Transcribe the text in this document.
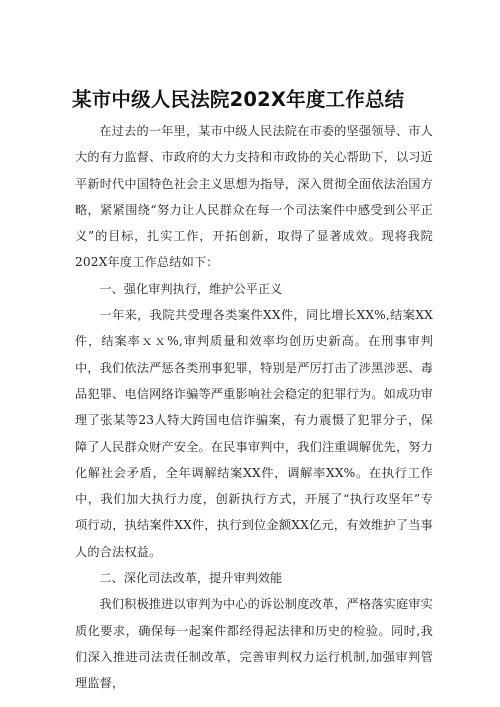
某市中级人民法院202X年度工作总结

在过去的一年里，某市中级人民法院在市委的坚强领导、市人大的有力监督、市政府的大力支持和市政协的关心帮助下，以习近平新时代中国特色社会主义思想为指导，深入贯彻全面依法治国方略，紧紧围绕“努力让人民群众在每一个司法案件中感受到公平正义”的目标，扎实工作，开拓创新，取得了显著成效。现将我院202X年度工作总结如下：

一、强化审判执行，维护公平正义

一年来，我院共受理各类案件XX件，同比增长XX%,结案XX件，结案率ｘｘ%,审判质量和效率均创历史新高。在刑事审判中，我们依法严惩各类刑事犯罪，特别是严厉打击了涉黑涉恶、毒品犯罪、电信网络诈骗等严重影响社会稳定的犯罪行为。如成功审理了张某等23人特大跨国电信诈骗案，有力震慑了犯罪分子，保障了人民群众财产安全。在民事审判中，我们注重调解优先，努力化解社会矛盾，全年调解结案XX件，调解率XX%。在执行工作中，我们加大执行力度，创新执行方式，开展了“执行攻坚年”专项行动，执结案件XX件，执行到位金额XX亿元，有效维护了当事人的合法权益。

二、深化司法改革，提升审判效能

我们积极推进以审判为中心的诉讼制度改革，严格落实庭审实质化要求，确保每一起案件都经得起法律和历史的检验。同时,我们深入推进司法责任制改革，完善审判权力运行机制,加强审判管理监督，
